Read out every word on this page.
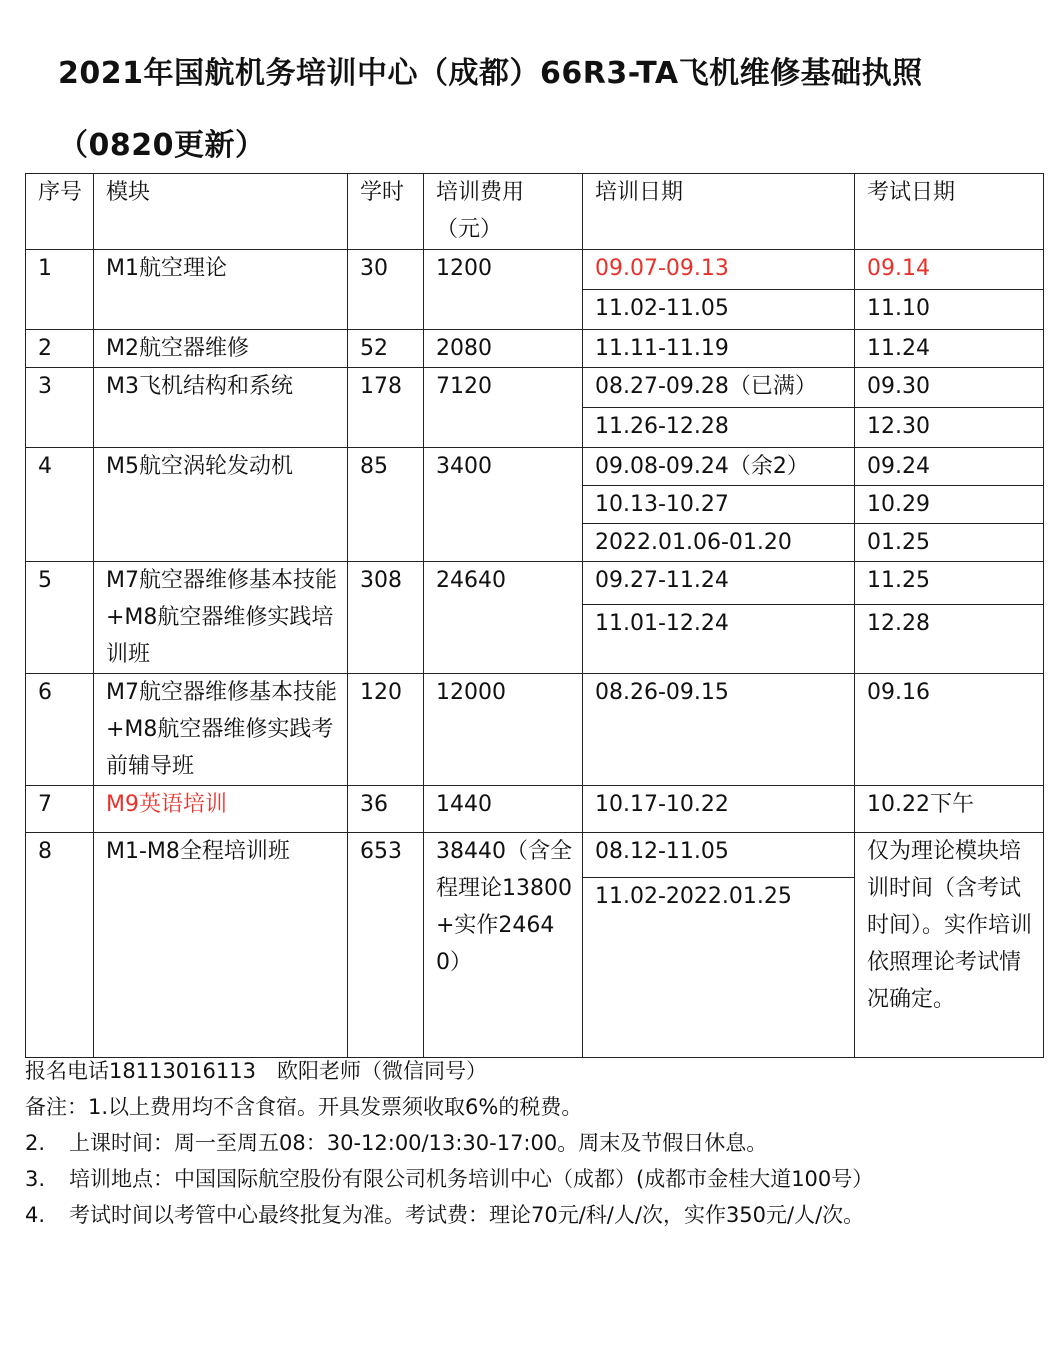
2021年国航机务培训中心（成都）66R3-TA飞机维修基础执照
（0820更新）
序号	模块	学时	培训费用（元）	培训日期	考试日期
1	M1航空理论	30	1200	09.07-09.13	09.14
				11.02-11.05	11.10
2	M2航空器维修	52	2080	11.11-11.19	11.24
3	M3飞机结构和系统	178	7120	08.27-09.28（已满）	09.30
				11.26-12.28	12.30
4	M5航空涡轮发动机	85	3400	09.08-09.24（余2）	09.24
				10.13-10.27	10.29
				2022.01.06-01.20	01.25
5	M7航空器维修基本技能+M8航空器维修实践培训班	308	24640	09.27-11.24	11.25
				11.01-12.24	12.28
6	M7航空器维修基本技能+M8航空器维修实践考前辅导班	120	12000	08.26-09.15	09.16
7	M9英语培训	36	1440	10.17-10.22	10.22下午
8	M1-M8全程培训班	653	38440（含全程理论13800+实作24640）	08.12-11.05	仅为理论模块培训时间（含考试时间）。实作培训依照理论考试情况确定。
				11.02-2022.01.25	
报名电话18113016113　欧阳老师（微信同号）
备注：1.以上费用均不含食宿。开具发票须收取6%的税费。
2. 上课时间：周一至周五08：30-12:00/13:30-17:00。周末及节假日休息。
3. 培训地点：中国国际航空股份有限公司机务培训中心（成都）(成都市金桂大道100号）
4. 考试时间以考管中心最终批复为准。考试费：理论70元/科/人/次，实作350元/人/次。
